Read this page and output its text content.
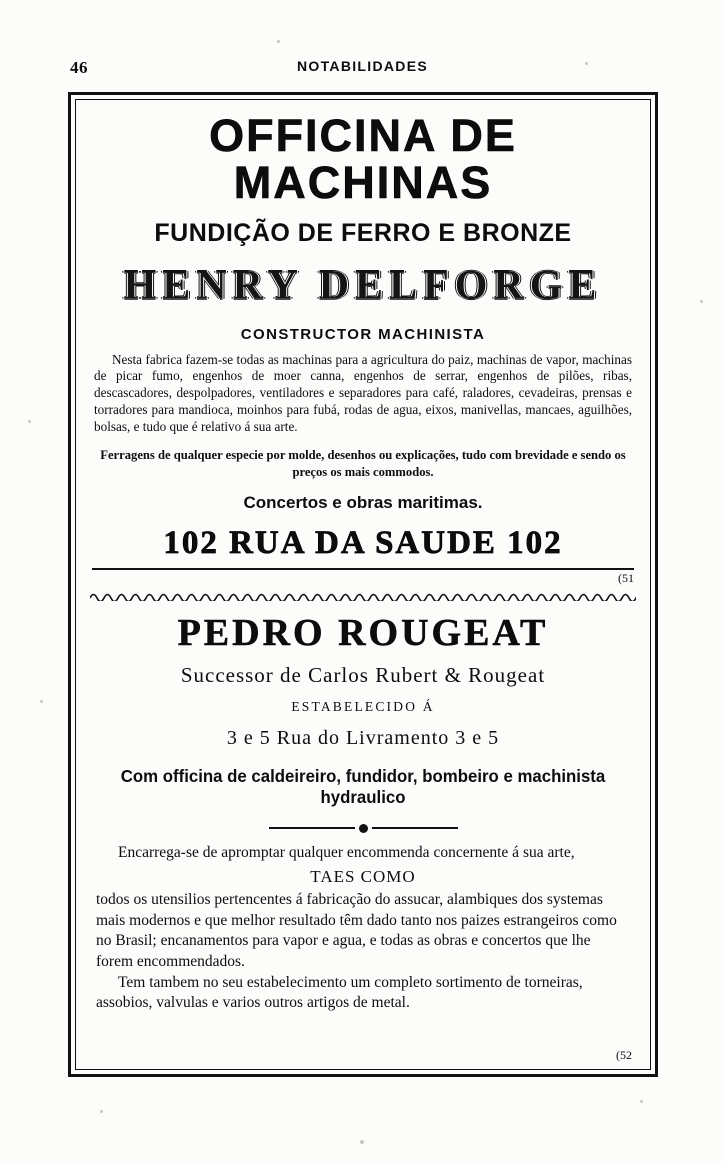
46	NOTABILIDADES
OFFICINA DE MACHINAS
FUNDIÇÃO DE FERRO E BRONZE
HENRY DELFORGE
CONSTRUCTOR MACHINISTA
Nesta fabrica fazem-se todas as machinas para a agricultura do paiz, machinas de vapor, machinas de picar fumo, engenhos de moer canna, engenhos de serrar, engenhos de pilões, ribas, descascadores, despolpadores, ventiladores e separadores para café, raladores, cevadeiras, prensas e torradores para mandioca, moinhos para fubá, rodas de agua, eixos, manivellas, mancaes, aguilhões, bolsas, e tudo que é relativo á sua arte.
Ferragens de qualquer especie por molde, desenhos ou explicações, tudo com brevidade e sendo os preços os mais commodos.
Concertos e obras maritimas.
102 RUA DA SAUDE 102
(51
PEDRO ROUGEAT
Successor de Carlos Rubert & Rougeat
ESTABELECIDO Á
3 e 5 Rua do Livramento 3 e 5
Com officina de caldeireiro, fundidor, bombeiro e machinista hydraulico

Encarrega-se de apromptar qualquer encommenda concernente á sua arte,

TAES COMO

todos os utensilios pertencentes á fabricação do assucar, alambiques dos systemas mais modernos e que melhor resultado têm dado tanto nos paizes estrangeiros como no Brasil; encanamentos para vapor e agua, e todas as obras e concertos que lhe forem encommendados.

Tem tambem no seu estabelecimento um completo sortimento de torneiras, assobios, valvulas e varios outros artigos de metal.

(52
